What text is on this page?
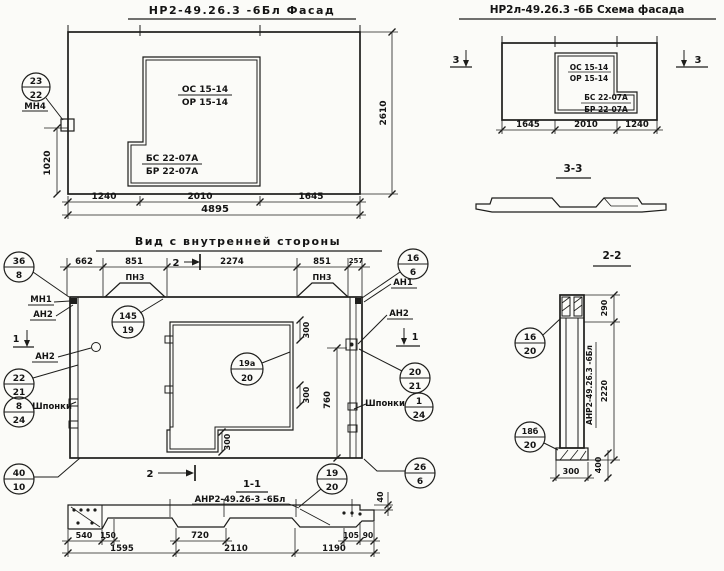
НР2-49.26.3 -6Бл Фасад
ОС 15-14
ОР 15-14
БС 22-07А
БР 22-07А
1240	2010	1645
4895
2610
1020
23
22
МН4
НР2л-49.26.3 -6Б Схема фасада
3	3
ОС 15-14
ОР 15-14
БС 22-07А
БР 22-07А
1645	2010	1240
3-3
Вид с внутренней стороны
662	851	2274	851	257
2
ПН3	ПН3
300
300 760
300
36
8
МН1
АН2
1
АН2
22
21
8
24
Шпонки
40
10
145
19
19а
20
16
6
АН1
АН2
1
20
21
Шпонки 1
24
26
6
2
1-1
АНР2-49.26-3 -6Бл
19
20
540 150	720	105 90
1595	2110	1190
40
2-2
АНР2-49.26.3 -6Бл
290
2220
400
300
16
20
18б
20
